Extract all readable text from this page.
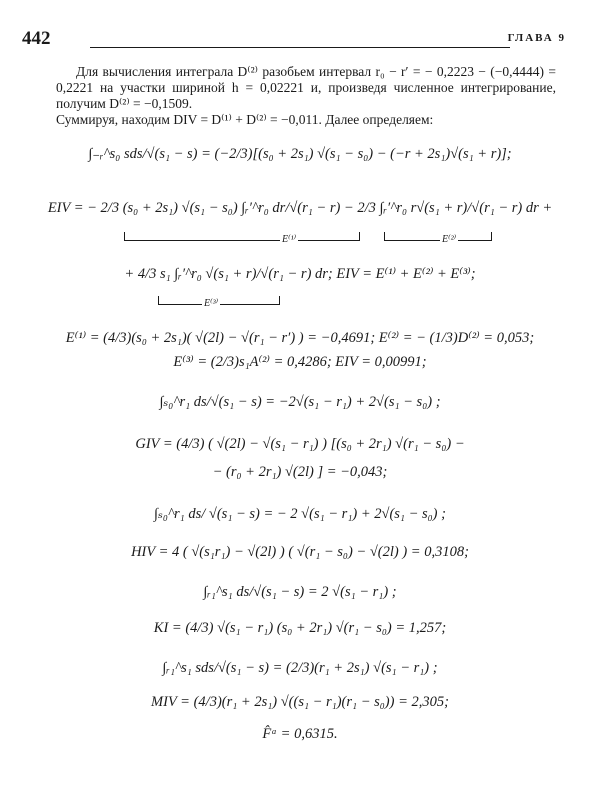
442	ГЛАВА 9
Для вычисления интеграла D⁽²⁾ разобьем интервал r₀ − r′ = − 0,2223 − (−0,4444) = 0,2221 на участки шириной h = 0,02221 и, произведя численное интегрирование, получим D⁽²⁾ = −0,1509.
Суммируя, находим DIV = D⁽¹⁾ + D⁽²⁾ = −0,011. Далее определяем:
∫₋ᵣ^s₀ sds/√(s₁ − s) = (−2/3)[(s₀ + 2s₁) √(s₁ − s₀) − (−r + 2s₁)√(s₁ + r)];
EIV = − 2/3 (s₀ + 2s₁) √(s₁ − s₀) ∫ᵣ′^r₀ dr/√(r₁ − r) − 2/3 ∫ᵣ′^r₀ r√(s₁ + r)/√(r₁ − r) dr +
E⁽¹⁾	E⁽²⁾
+ 4/3 s₁ ∫ᵣ′^r₀ √(s₁ + r)/√(r₁ − r) dr; EIV = E⁽¹⁾ + E⁽²⁾ + E⁽³⁾;
E⁽³⁾
E⁽¹⁾ = (4/3)(s₀ + 2s₁)( √(2l) − √(r₁ − r′) ) = −0,4691; E⁽²⁾ = − (1/3)D⁽²⁾ = 0,053;
E⁽³⁾ = (2/3)s₁A⁽²⁾ = 0,4286; EIV = 0,00991;
∫ₛ₀^r₁ ds/√(s₁ − s) = −2√(s₁ − r₁) + 2√(s₁ − s₀) ;
GIV = (4/3) ( √(2l) − √(s₁ − r₁) ) [(s₀ + 2r₁) √(r₁ − s₀) −
− (r₀ + 2r₁) √(2l) ] = −0,043;
∫ₛ₀^r₁ ds/ √(s₁ − s) = − 2 √(s₁ − r₁) + 2√(s₁ − s₀) ;
HIV = 4 ( √(s₁r₁) − √(2l) ) ( √(r₁ − s₀) − √(2l) ) = 0,3108;
∫ᵣ₁^s₁ ds/√(s₁ − s) = 2 √(s₁ − r₁) ;
KI = (4/3) √(s₁ − r₁) (s₀ + 2r₁) √(r₁ − s₀) = 1,257;
∫ᵣ₁^s₁ sds/√(s₁ − s) = (2/3)(r₁ + 2s₁) √(s₁ − r₁) ;
MIV = (4/3)(r₁ + 2s₁) √((s₁ − r₁)(r₁ − s₀)) = 2,305;
F̂ᵃ = 0,6315.
